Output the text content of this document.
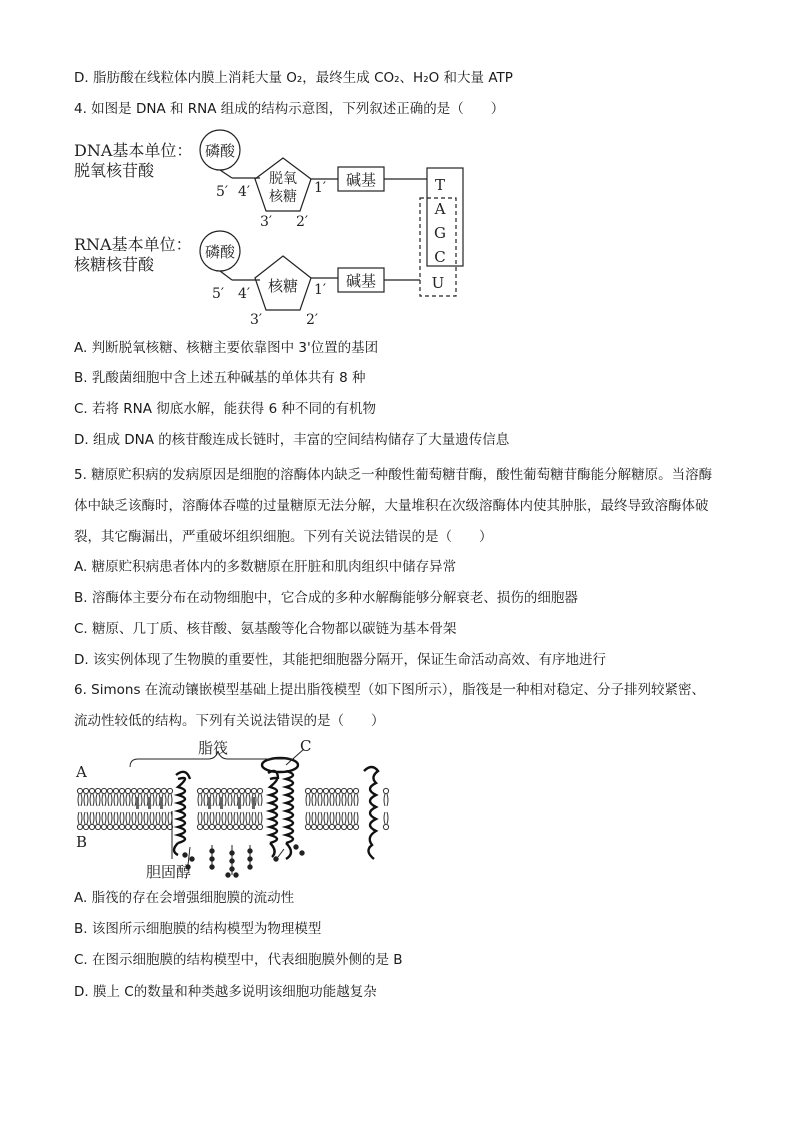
D. 脂肪酸在线粒体内膜上消耗大量 O₂，最终生成 CO₂、H₂O 和大量 ATP
4. 如图是 DNA 和 RNA 组成的结构示意图，下列叙述正确的是（　　）
DNA基本单位：
脱氧核苷酸
磷酸
脱氧
核糖
5′ 4′	1′
3′ 2′
碱基
RNA基本单位：
核糖核苷酸
磷酸
核糖
5′ 4′	1′
3′	2′
碱基
T
A
G
C
U
A. 判断脱氧核糖、核糖主要依靠图中 3'位置的基团
B. 乳酸菌细胞中含上述五种碱基的单体共有 8 种
C. 若将 RNA 彻底水解，能获得 6 种不同的有机物
D. 组成 DNA 的核苷酸连成长链时，丰富的空间结构储存了大量遗传信息
5. 糖原贮积病的发病原因是细胞的溶酶体内缺乏一种酸性葡萄糖苷酶，酸性葡萄糖苷酶能分解糖原。当溶酶体中缺乏该酶时，溶酶体吞噬的过量糖原无法分解，大量堆积在次级溶酶体内使其肿胀，最终导致溶酶体破裂，其它酶漏出，严重破坏组织细胞。下列有关说法错误的是（　　）
A. 糖原贮积病患者体内的多数糖原在肝脏和肌肉组织中储存异常
B. 溶酶体主要分布在动物细胞中，它合成的多种水解酶能够分解衰老、损伤的细胞器
C. 糖原、几丁质、核苷酸、氨基酸等化合物都以碳链为基本骨架
D. 该实例体现了生物膜的重要性，其能把细胞器分隔开，保证生命活动高效、有序地进行
6. Simons 在流动镶嵌模型基础上提出脂筏模型（如下图所示），脂筏是一种相对稳定、分子排列较紧密、
流动性较低的结构。下列有关说法错误的是（　　）
脂筏	C
A
B
胆固醇
A. 脂筏的存在会增强细胞膜的流动性
B. 该图所示细胞膜的结构模型为物理模型
C. 在图示细胞膜的结构模型中，代表细胞膜外侧的是 B
D. 膜上 C的数量和种类越多说明该细胞功能越复杂
